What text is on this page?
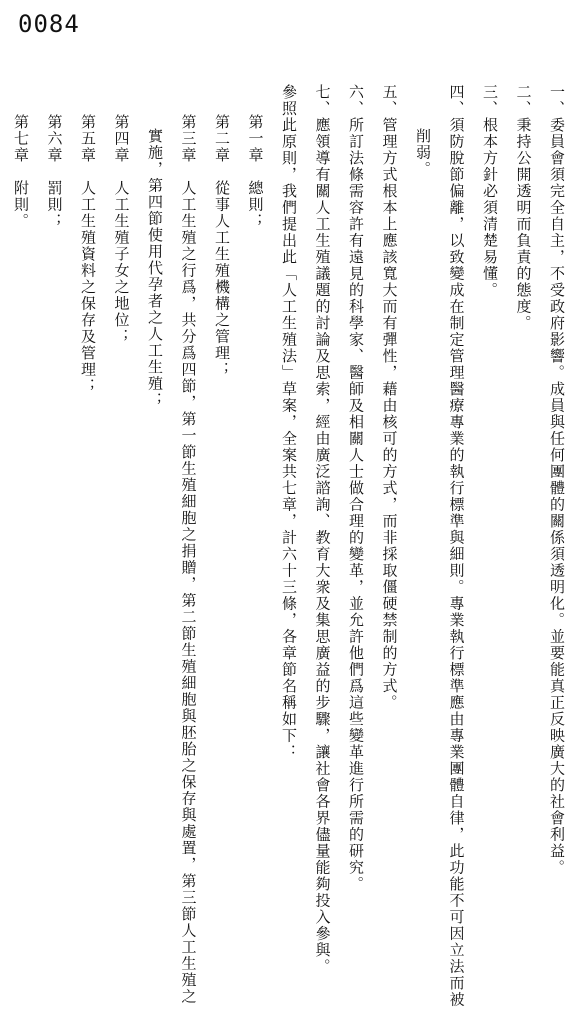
0084
一、委員會須完全自主，不受政府影響。成員與任何團體的關係須透明化。並要能真正反映廣大的社會利益。
二、秉持公開透明而負責的態度。
三、根本方針必須清楚易懂。
四、須防脫節偏離，以致變成在制定管理醫療專業的執行標準與細則。專業執行標準應由專業團體自律，此功能不可因立法而被
削弱。
五、管理方式根本上應該寬大而有彈性，藉由核可的方式，而非採取僵硬禁制的方式。
六、所訂法條需容許有遠見的科學家、醫師及相關人士做合理的變革，並允許他們爲這些變革進行所需的研究。
七、應領導有關人工生殖議題的討論及思索，經由廣泛諮詢、教育大衆及集思廣益的步驟，讓社會各界儘量能夠投入參與。
參照此原則，我們提出此「人工生殖法」草案，全案共七章，計六十三條，各章節名稱如下：
第一章　總則；
第二章　從事人工生殖機構之管理；
第三章　人工生殖之行爲，共分爲四節，第一節生殖細胞之捐贈，第二節生殖細胞與胚胎之保存與處置，第三節人工生殖之
實施，第四節使用代孕者之人工生殖；
第四章　人工生殖子女之地位；
第五章　人工生殖資料之保存及管理；
第六章　罰則；
第七章　附則。
